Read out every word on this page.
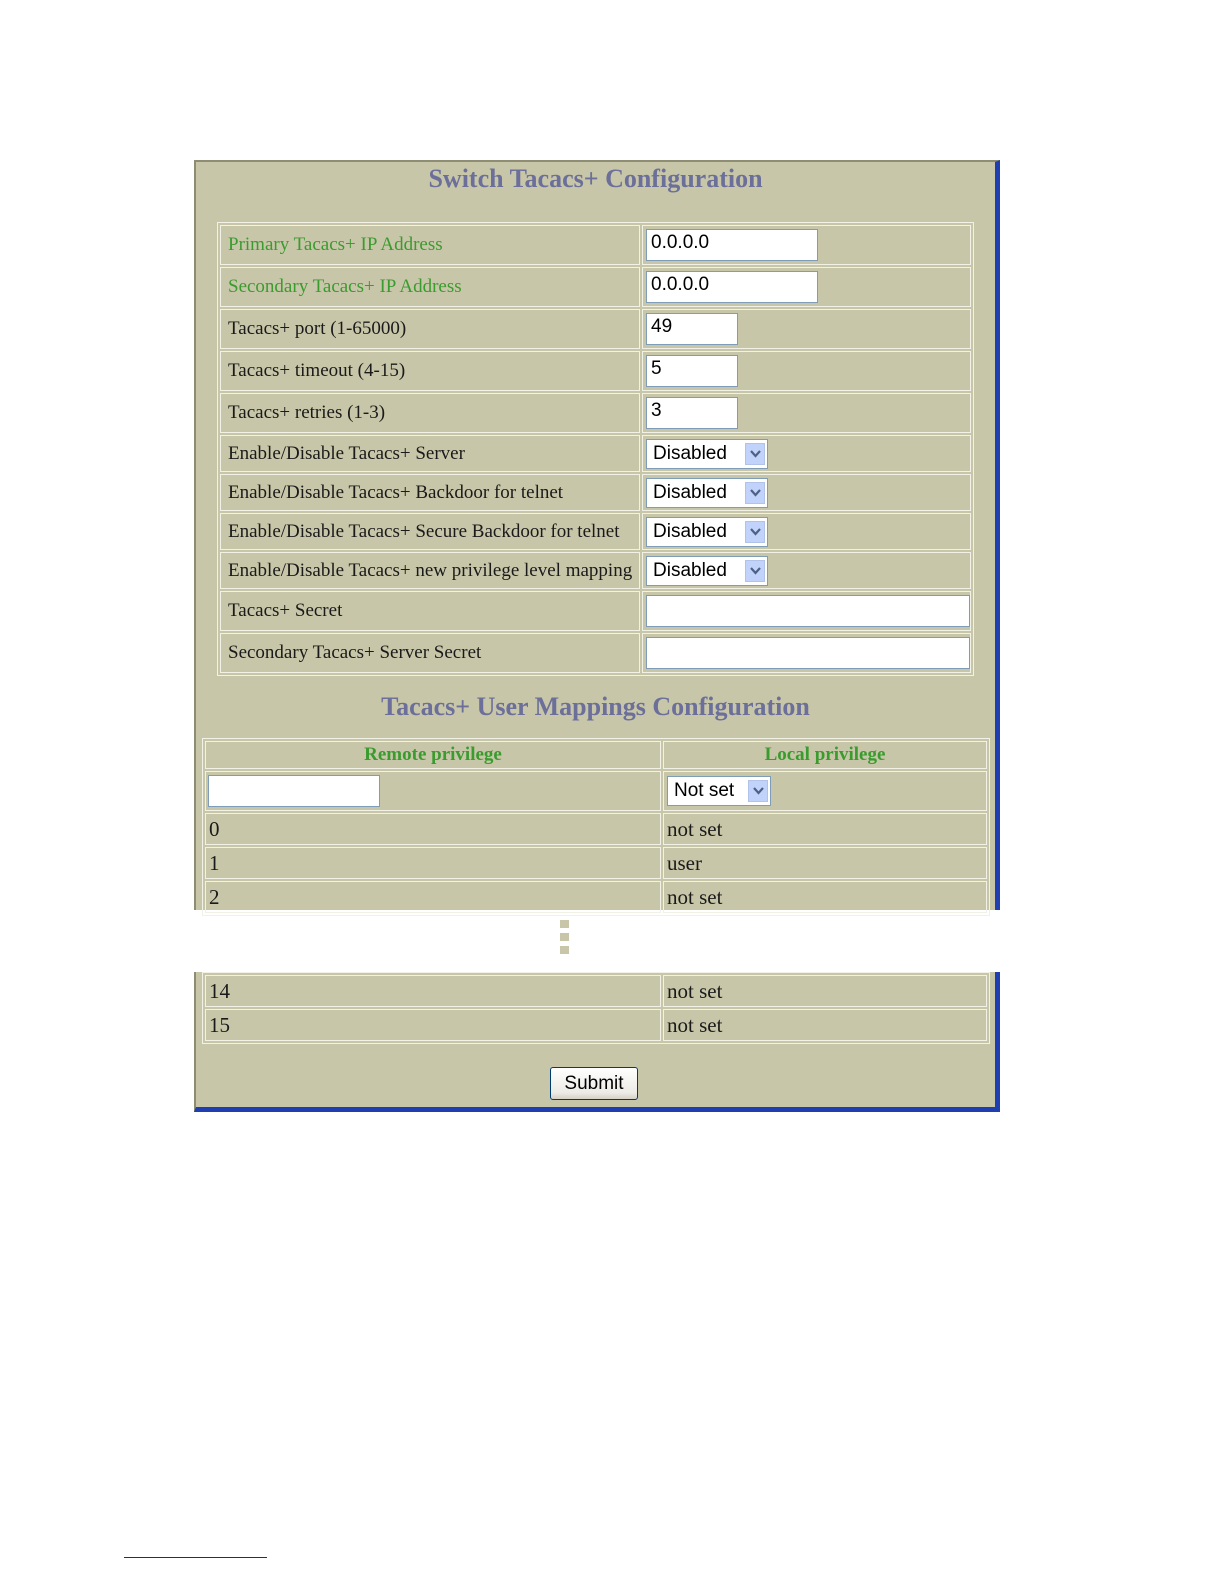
Switch Tacacs+ Configuration
Primary Tacacs+ IP Address	0.0.0.0

Secondary Tacacs+ IP Address	0.0.0.0

Tacacs+ port (1-65000)	49

Tacacs+ timeout (4-15)	5

Tacacs+ retries (1-3)	3

Enable/Disable Tacacs+ Server	Disabled

Enable/Disable Tacacs+ Backdoor for telnet	Disabled

Enable/Disable Tacacs+ Secure Backdoor for telnet	Disabled

Enable/Disable Tacacs+ new privilege level mapping	Disabled

Tacacs+ Secret	

Secondary Tacacs+ Server Secret	
Tacacs+ User Mappings Configuration
Remote privilege	Local privilege

	Not set

0	not set
1	user
2	not set
14	not set
15	not set
Submit
